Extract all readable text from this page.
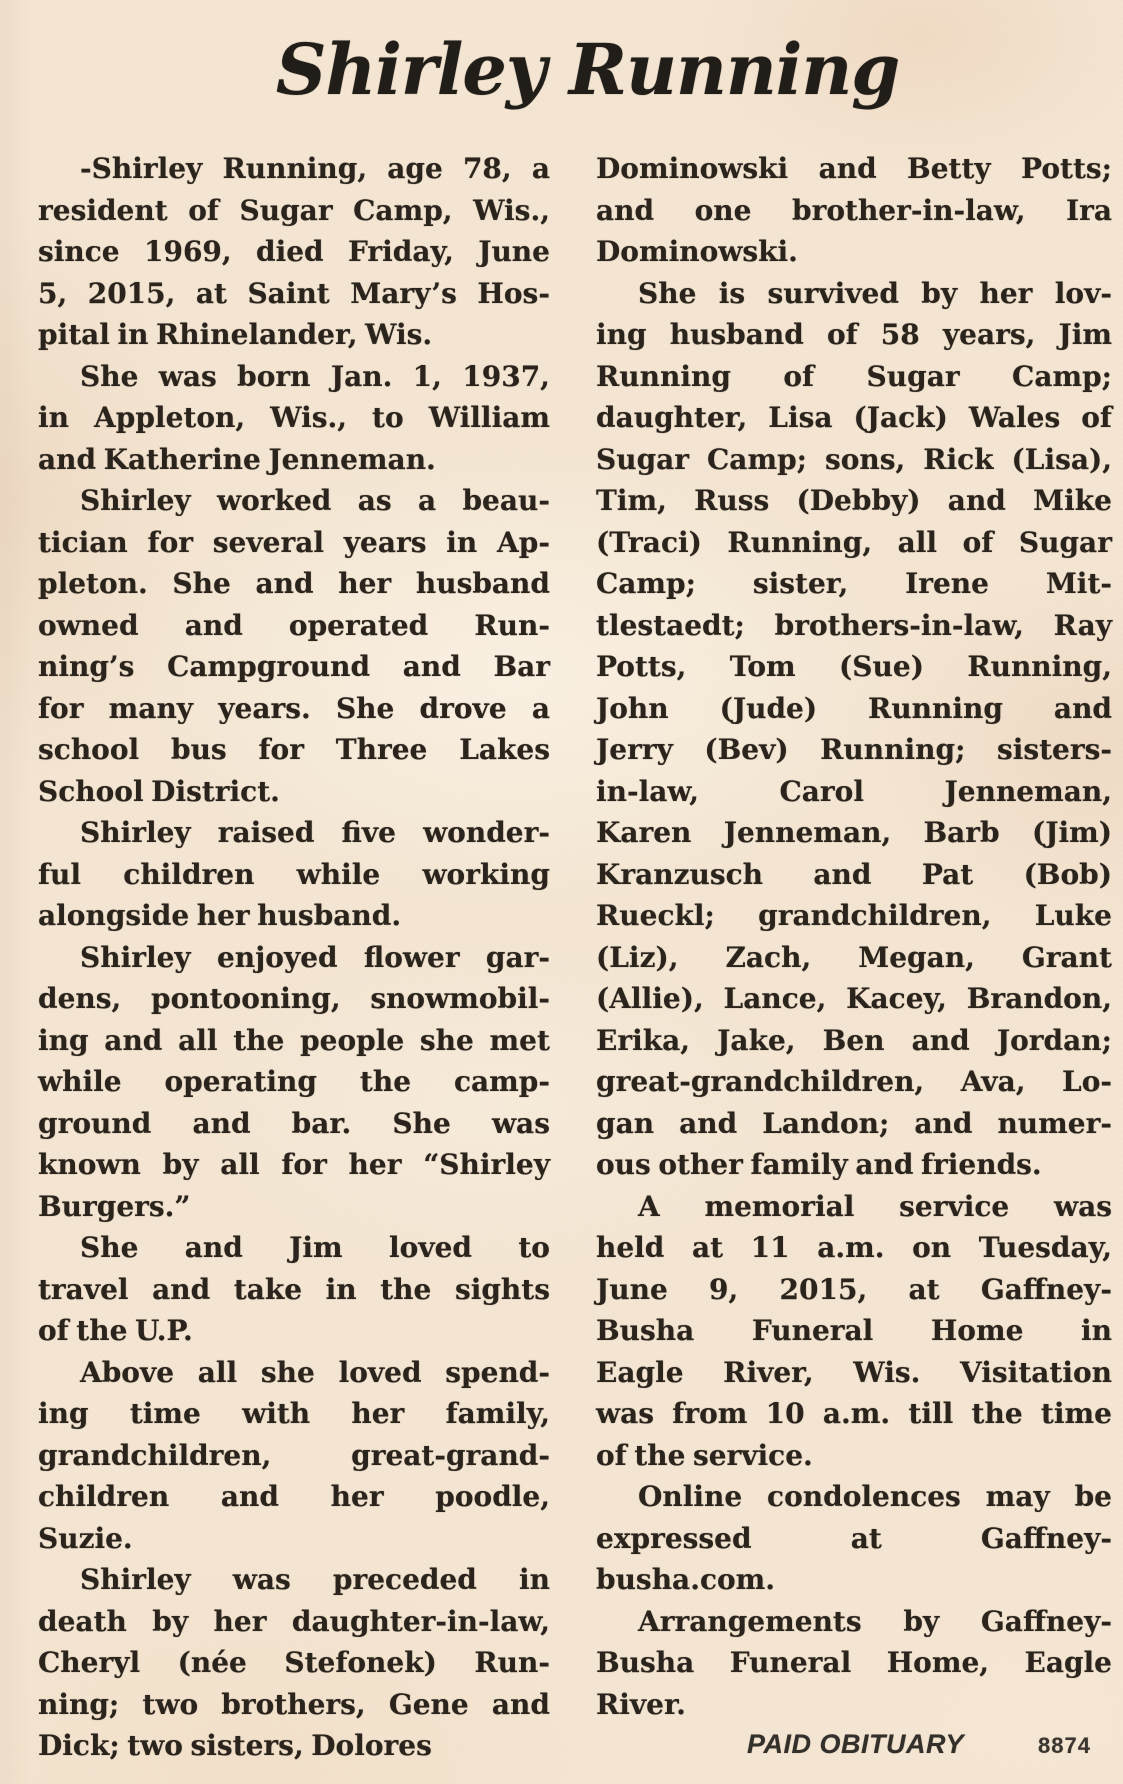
Shirley Running
-Shirley Running, age 78, a
resident of Sugar Camp, Wis.,
since 1969, died Friday, June
5, 2015, at Saint Mary’s Hos-
pital in Rhinelander, Wis.
She was born Jan. 1, 1937,
in Appleton, Wis., to William
and Katherine Jenneman.
Shirley worked as a beau-
tician for several years in Ap-
pleton. She and her husband
owned and operated Run-
ning’s Campground and Bar
for many years. She drove a
school bus for Three Lakes
School District.
Shirley raised five wonder-
ful children while working
alongside her husband.
Shirley enjoyed flower gar-
dens, pontooning, snowmobil-
ing and all the people she met
while operating the camp-
ground and bar. She was
known by all for her “Shirley
Burgers.”
She and Jim loved to
travel and take in the sights
of the U.P.
Above all she loved spend-
ing time with her family,
grandchildren,	great-grand-
children and her poodle,
Suzie.
Shirley was preceded in
death by her daughter-in-law,
Cheryl (née Stefonek) Run-
ning; two brothers, Gene and
Dick; two sisters, Dolores
Dominowski and Betty Potts;
and one brother-in-law, Ira
Dominowski.
She is survived by her lov-
ing husband of 58 years, Jim
Running of Sugar Camp;
daughter, Lisa (Jack) Wales of
Sugar Camp; sons, Rick (Lisa),
Tim, Russ (Debby) and Mike
(Traci) Running, all of Sugar
Camp; sister, Irene Mit-
tlestaedt; brothers-in-law, Ray
Potts, Tom (Sue) Running,
John (Jude) Running and
Jerry (Bev) Running; sisters-
in-law,	Carol	Jenneman,
Karen Jenneman, Barb (Jim)
Kranzusch and Pat (Bob)
Rueckl; grandchildren, Luke
(Liz), Zach, Megan, Grant
(Allie), Lance, Kacey, Brandon,
Erika, Jake, Ben and Jordan;
great-grandchildren, Ava, Lo-
gan and Landon; and numer-
ous other family and friends.
A memorial service was
held at 11 a.m. on Tuesday,
June 9, 2015, at Gaffney-
Busha Funeral Home in
Eagle River, Wis. Visitation
was from 10 a.m. till the time
of the service.
Online condolences may be
expressed	at	Gaffney-
busha.com.
Arrangements by Gaffney-
Busha Funeral Home, Eagle
River.
PAID OBITUARY	8874
